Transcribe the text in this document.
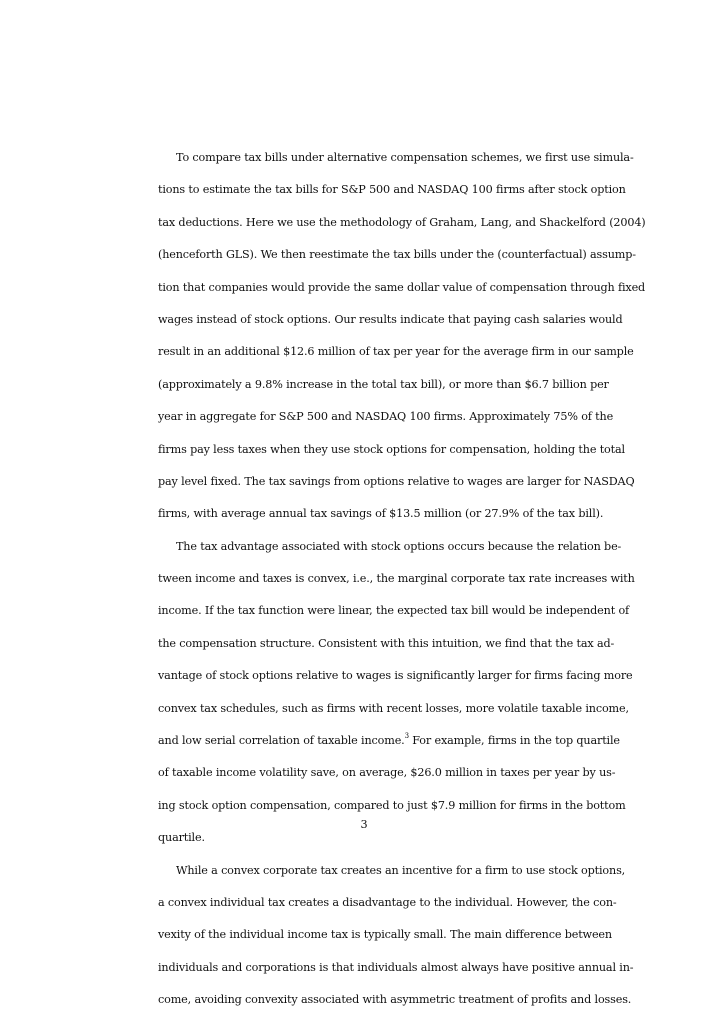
To compare tax bills under alternative compensation schemes, we first use simula-
tions to estimate the tax bills for S&P 500 and NASDAQ 100 firms after stock option
tax deductions. Here we use the methodology of Graham, Lang, and Shackelford (2004)
(henceforth GLS). We then reestimate the tax bills under the (counterfactual) assump-
tion that companies would provide the same dollar value of compensation through fixed
wages instead of stock options. Our results indicate that paying cash salaries would
result in an additional $12.6 million of tax per year for the average firm in our sample
(approximately a 9.8% increase in the total tax bill), or more than $6.7 billion per
year in aggregate for S&P 500 and NASDAQ 100 firms. Approximately 75% of the
firms pay less taxes when they use stock options for compensation, holding the total
pay level fixed. The tax savings from options relative to wages are larger for NASDAQ
firms, with average annual tax savings of $13.5 million (or 27.9% of the tax bill).
The tax advantage associated with stock options occurs because the relation be-
tween income and taxes is convex, i.e., the marginal corporate tax rate increases with
income. If the tax function were linear, the expected tax bill would be independent of
the compensation structure. Consistent with this intuition, we find that the tax ad-
vantage of stock options relative to wages is significantly larger for firms facing more
convex tax schedules, such as firms with recent losses, more volatile taxable income,
and low serial correlation of taxable income.$^3$ For example, firms in the top quartile
of taxable income volatility save, on average, $26.0 million in taxes per year by us-
ing stock option compensation, compared to just $7.9 million for firms in the bottom
quartile.
While a convex corporate tax creates an incentive for a firm to use stock options,
a convex individual tax creates a disadvantage to the individual. However, the con-
vexity of the individual income tax is typically small. The main difference between
individuals and corporations is that individuals almost always have positive annual in-
come, avoiding convexity associated with asymmetric treatment of profits and losses.
3
